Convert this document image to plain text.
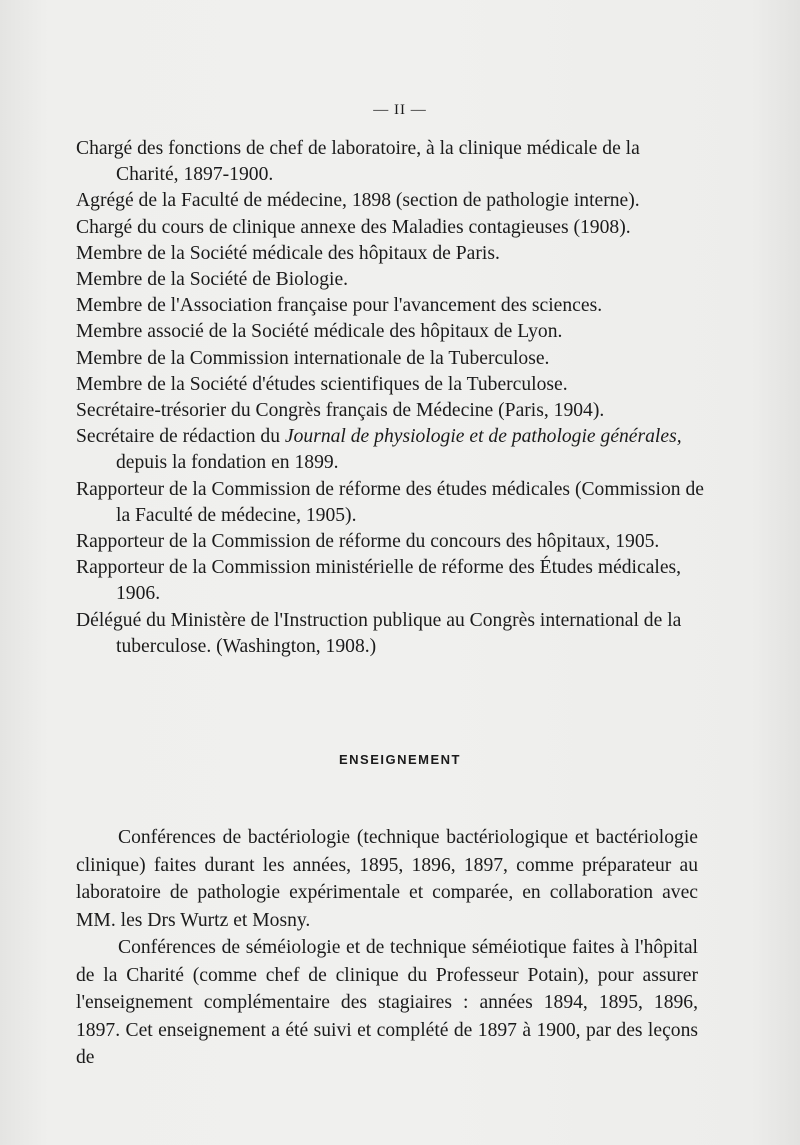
— II —

Chargé des fonctions de chef de laboratoire, à la clinique médicale de la Charité, 1897-1900.

Agrégé de la Faculté de médecine, 1898 (section de pathologie interne).

Chargé du cours de clinique annexe des Maladies contagieuses (1908).

Membre de la Société médicale des hôpitaux de Paris.

Membre de la Société de Biologie.

Membre de l'Association française pour l'avancement des sciences.

Membre associé de la Société médicale des hôpitaux de Lyon.

Membre de la Commission internationale de la Tuberculose.

Membre de la Société d'études scientifiques de la Tuberculose.

Secrétaire-trésorier du Congrès français de Médecine (Paris, 1904).

Secrétaire de rédaction du Journal de physiologie et de pathologie générales, depuis la fondation en 1899.

Rapporteur de la Commission de réforme des études médicales (Commission de la Faculté de médecine, 1905).

Rapporteur de la Commission de réforme du concours des hôpitaux, 1905.

Rapporteur de la Commission ministérielle de réforme des Études médicales, 1906.

Délégué du Ministère de l'Instruction publique au Congrès international de la tuberculose. (Washington, 1908.)

ENSEIGNEMENT

Conférences de bactériologie (technique bactériologique et bactériologie clinique) faites durant les années, 1895, 1896, 1897, comme préparateur au laboratoire de pathologie expérimentale et comparée, en collaboration avec MM. les Drs Wurtz et Mosny.

Conférences de séméiologie et de technique séméiotique faites à l'hôpital de la Charité (comme chef de clinique du Professeur Potain), pour assurer l'enseignement complémentaire des stagiaires : années 1894, 1895, 1896, 1897. Cet enseignement a été suivi et complété de 1897 à 1900, par des leçons de
